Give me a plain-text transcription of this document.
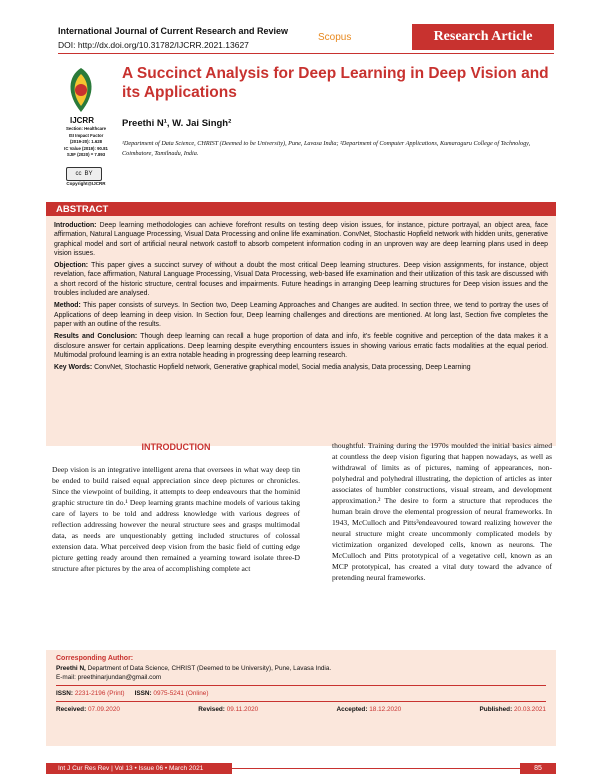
International Journal of Current Research and Review
DOI: http://dx.doi.org/10.31782/IJCRR.2021.13627
Scopus	Research Article
A Succinct Analysis for Deep Learning in Deep Vision and its Applications
IJCRR
Section: Healthcare
ISI Impact Factor
(2019-20): 1.628
IC Value (2019): 90.81
SJIF (2020) = 7.893
cc BY
Copyright@IJCRR
Preethi N¹, W. Jai Singh²
¹Department of Data Science, CHRIST (Deemed to be University), Pune, Lavasa India; ²Department of Computer Applications, Kumaraguru College of Technology, Coimbatore, Tamilnadu, India.
ABSTRACT

Introduction: Deep learning methodologies can achieve forefront results on testing deep vision issues, for instance, picture portrayal, an object area, face affirmation, Natural Language Processing, Visual Data Processing and online life examination. ConvNet, Stochastic Hopfield network with hidden units, generative graphical model and sort of artificial neural network castoff to absorb competent information coding in an unproven way are deep learning plans used in deep vision issues.

Objection: This paper gives a succinct survey of without a doubt the most critical Deep learning structures. Deep vision assignments, for instance, object revelation, face affirmation, Natural Language Processing, Visual Data Processing, web-based life examination and their utilization of this task are discussed with a short record of the historic structure, central focuses and impairments. Future headings in arranging Deep learning structures for Deep vision issues and the troubles included are analysed.

Method: This paper consists of surveys. In Section two, Deep Learning Approaches and Changes are audited. In section three, we tend to portray the uses of Applications of deep learning in deep vision. In Section four, Deep learning challenges and directions are mentioned. At long last, Section five completes the paper with an outline of the results.

Results and Conclusion: Though deep learning can recall a huge proportion of data and info, it's feeble cognitive and perception of the data makes it a disclosure answer for certain applications. Deep learning despite everything encounters issues in showing various erratic facts modalities at the equal period. Multimodal profound learning is an extra notable heading in progressing deep learning research.

Key Words: ConvNet, Stochastic Hopfield network, Generative graphical model, Social media analysis, Data processing, Deep Learning

INTRODUCTION

Deep vision is an integrative intelligent arena that oversees in what way deep tin be ended to build raised equal appreciation since deep pictures or chronicles. Since the viewpoint of building, it attempts to deep endeavours that the hominid graphic structure tin do.¹ Deep learning grants machine models of various taking care of layers to be told and address knowledge with various degrees of reflection addressing however the neural structure sees and grasps multimodal data, as needs are unquestionably getting included structures of colossal extension data. What perceived deep vision from the basic field of cutting edge picture getting ready around then remained a yearning toward isolate three-D structure after pictures by the area of accomplishing complete act

thoughtful. Training during the 1970s moulded the initial basics aimed at countless the deep vision figuring that happen nowadays, as well as withdrawal of limits as of pictures, naming of appearances, non-polyhedral and polyhedral illustrating, the depiction of articles as inter associates of humbler constructions, visual stream, and development approximation.² The desire to form a structure that reproduces the human brain drove the elemental progression of neural frameworks. In 1943, McCulloch and Pitts³endeavoured toward realizing however the neural structure might create uncommonly complicated models by victimization organized developed cells, known as neurons. The McCulloch and Pitts prototypical of a vegetative cell, known as an MCP prototypical, has created a vital duty toward the advance of pretending neural frameworks.

Corresponding Author:
Preethi N, Department of Data Science, CHRIST (Deemed to be University), Pune, Lavasa India.
E-mail: preethinarjundan@gmail.com
ISSN: 2231-2196 (Print) ISSN: 0975-5241 (Online)
Received: 07.09.2020	Revised: 09.11.2020	Accepted: 18.12.2020	Published: 20.03.2021
Int J Cur Res Rev | Vol 13 • Issue 06 • March 2021	85
